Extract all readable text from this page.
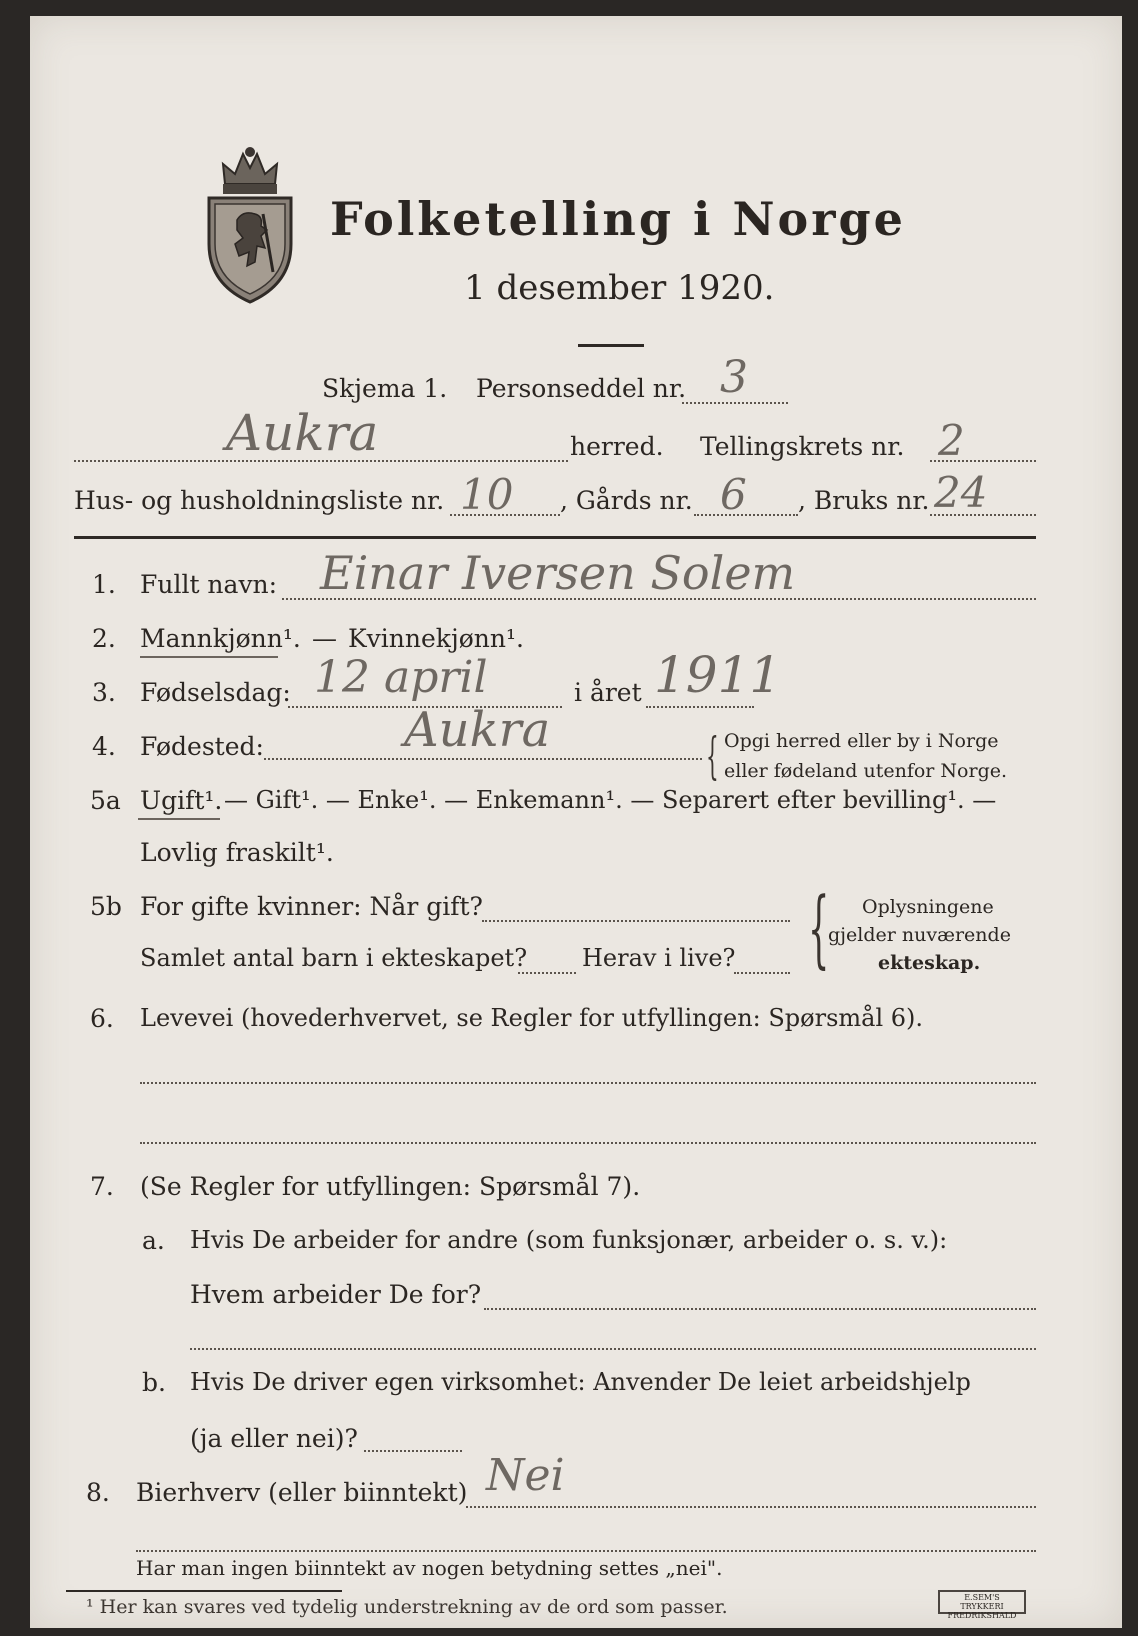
Folketelling i Norge
1 desember 1920.
Skjema 1. Personseddel nr. 3
Aukra	herred. Tellingskrets nr. 2
Hus- og husholdningsliste nr. 10 , Gårds nr. 6 , Bruks nr. 24
1. Fullt navn: Einar Iversen Solem
2. Mannkjønn¹. — Kvinnekjønn¹.
3. Fødselsdag: 12 april	i året 1911
4. Fødested:	Aukra	{ Opgi herred eller by i Norge
eller fødeland utenfor Norge.
5a Ugift¹. — Gift¹. — Enke¹. — Enkemann¹. — Separert efter bevilling¹. —
Lovlig fraskilt¹.
5b For gifte kvinner: Når gift?
Samlet antal barn i ekteskapet? Herav i live? { Oplysningene
gjelder nuværende
ekteskap.
6. Levevei (hovederhvervet, se Regler for utfyllingen: Spørsmål 6).
7. (Se Regler for utfyllingen: Spørsmål 7).
a. Hvis De arbeider for andre (som funksjonær, arbeider o. s. v.):
Hvem arbeider De for?
b. Hvis De driver egen virksomhet: Anvender De leiet arbeidshjelp
(ja eller nei)?
8. Bierhverv (eller biinntekt) Nei
Har man ingen biinntekt av nogen betydning settes „nei".
¹ Her kan svares ved tydelig understrekning av de ord som passer.	E.SEM'S TRYKKERI FREDRIKSHALD
